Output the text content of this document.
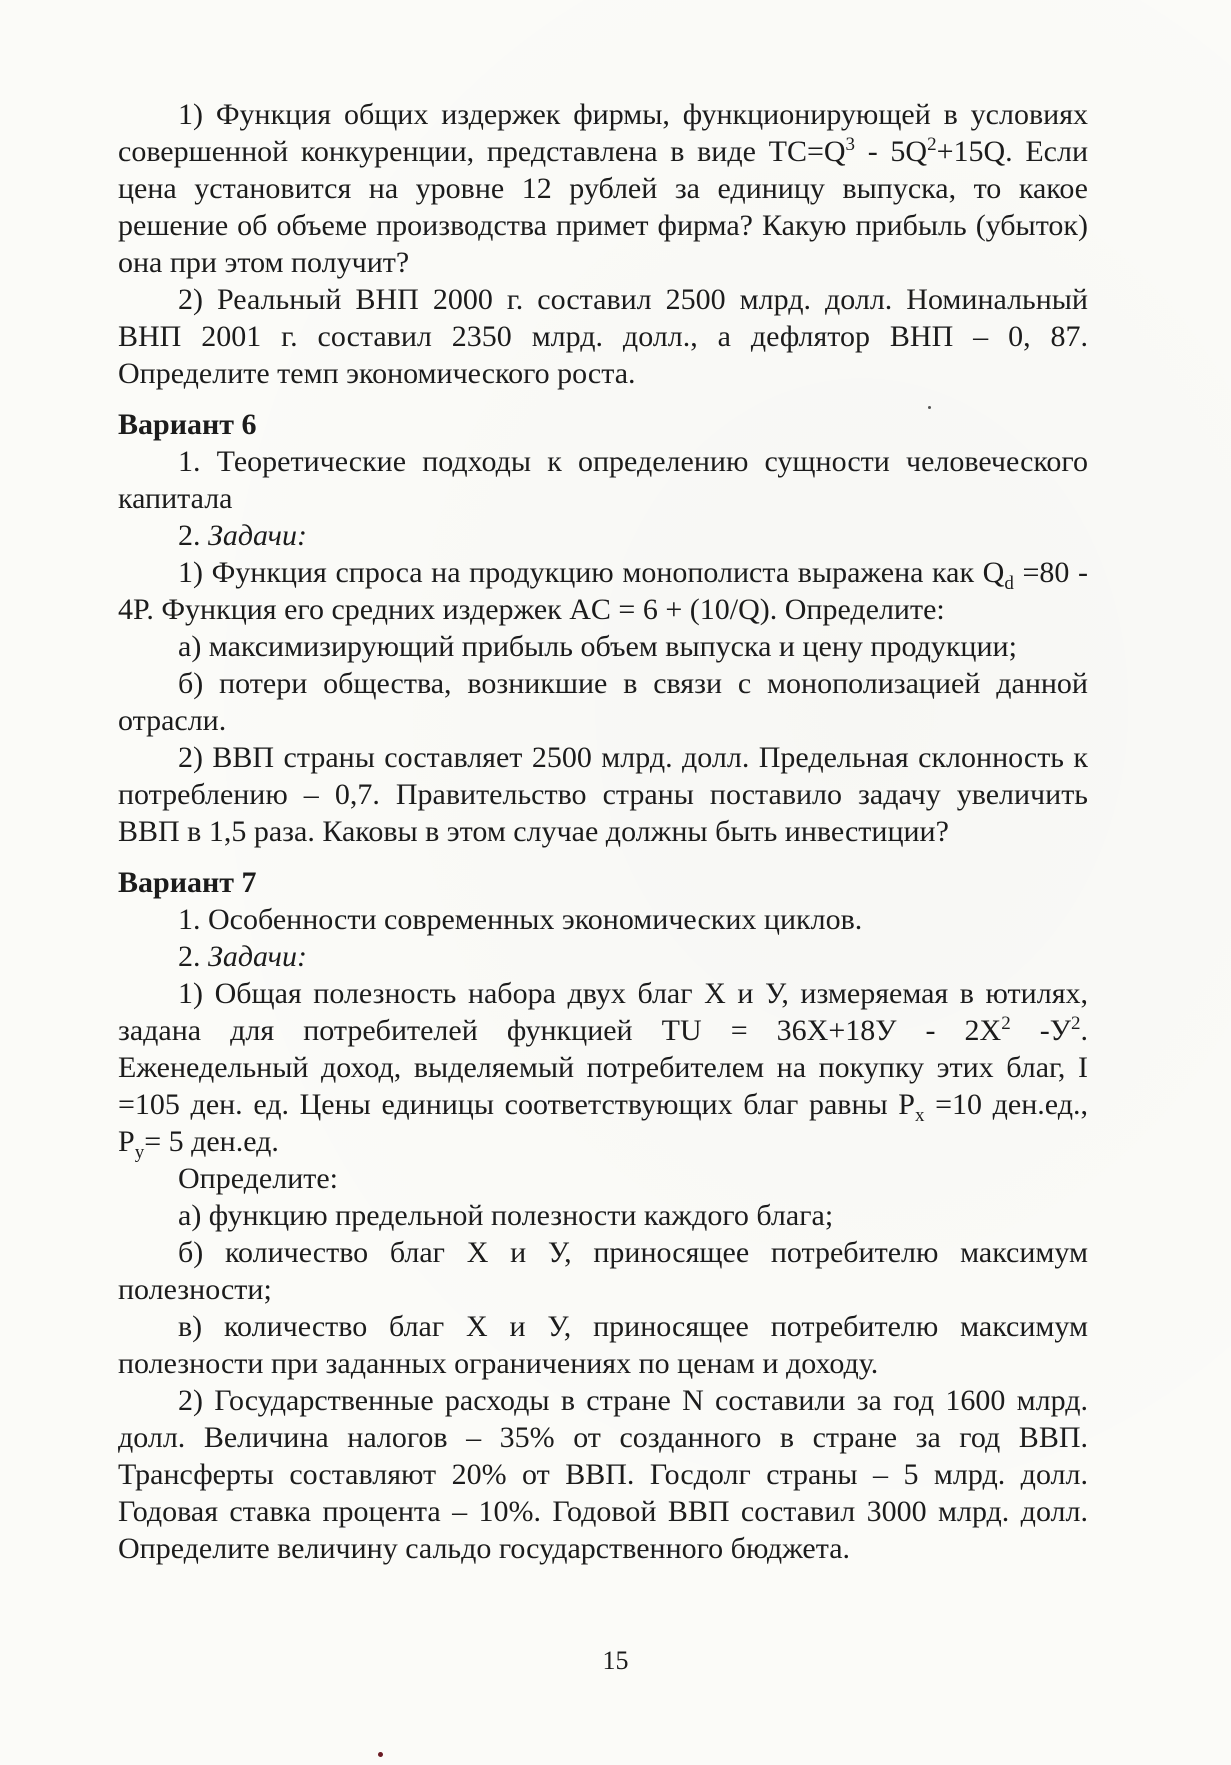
1) Функция общих издержек фирмы, функционирующей в условиях совершенной конкуренции, представлена в виде $TC=Q^3 - 5Q^2+15Q$. Если цена установится на уровне 12 рублей за единицу выпуска, то какое решение об объеме производства примет фирма? Какую прибыль (убыток) она при этом получит?

2) Реальный ВНП 2000 г. составил 2500 млрд. долл. Номинальный ВНП 2001 г. составил 2350 млрд. долл., а дефлятор ВНП – 0, 87. Определите темп экономического роста.

Вариант 6

1. Теоретические подходы к определению сущности человеческого капитала

2. Задачи:

1) Функция спроса на продукцию монополиста выражена как $Q_d =80 - 4P$. Функция его средних издержек AC = 6 + (10/Q). Определите:

а) максимизирующий прибыль объем выпуска и цену продукции;

б) потери общества, возникшие в связи с монополизацией данной отрасли.

2) ВВП страны составляет 2500 млрд. долл. Предельная склонность к потреблению – 0,7. Правительство страны поставило задачу увеличить ВВП в 1,5 раза. Каковы в этом случае должны быть инвестиции?

Вариант 7

1. Особенности современных экономических циклов.

2. Задачи:

1) Общая полезность набора двух благ X и У, измеряемая в ютилях, задана для потребителей функцией TU = $36X+18У - 2X^2$ $-У^2$. Еженедельный доход, выделяемый потребителем на покупку этих благ, I =105 ден. ед. Цены единицы соответствующих благ равны $P_x =10$ ден.ед., $P_y= 5$ ден.ед.

Определите:

а) функцию предельной полезности каждого блага;

б) количество благ X и У, приносящее потребителю максимум полезности;

в) количество благ X и У, приносящее потребителю максимум полезности при заданных ограничениях по ценам и доходу.

2) Государственные расходы в стране N составили за год 1600 млрд. долл. Величина налогов – 35% от созданного в стране за год ВВП. Трансферты составляют 20% от ВВП. Госдолг страны – 5 млрд. долл. Годовая ставка процента – 10%. Годовой ВВП составил 3000 млрд. долл. Определите величину сальдо государственного бюджета.

15
